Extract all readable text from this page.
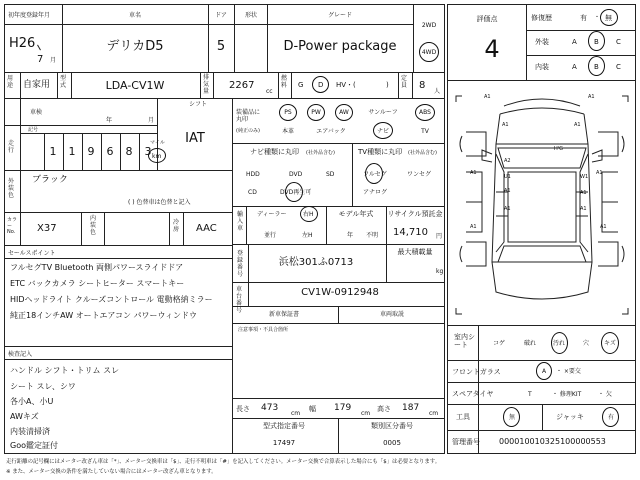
初年度登録年月
H26
7 月
車名
デリカD5
ドア
5
形状	グレード
D-Power package
2WD
4WD
用途 自家用
型式	LDA-CV1W
排気量
2267
cc
燃料 G D HV・(	)
定員 8
人
車検
年	月
走行
記号
1 1 9 6 8 3
マイル
km
シフト
IAT
外装色
ブラック
( ) 色替車は色替と記入
カラーNo. X37
内装色
冷房 AAC
セールスポイント
フルセグTV Bluetooth 両側パワースライドドア
ETC バックカメラ シートヒーター スマートキー
HIDヘッドライト クルーズコントロール 電動格納ミラー
純正18インチAW オートエアコン パワーウィンドウ
検査記入
ハンドル シフト・トリム スレ
シート スレ、シワ
各小A、小U
AWキズ
内装清掃済
Goo鑑定証付
装備品に丸印
(純正のみ)
PS	PW	AW	サンルーフ	ABS
本革	エアバック	ナビ	TV
ナビ種類に丸印 (社外品含む)
HDD	DVD	SD
CD	DVD再生可
TV種類に丸印 (社外品含む)
フルセグ	ワンセグ
アナログ
輸入車
ディーラー
並行
右H
左H
モデル年式
年 不明
リサイクル預託金
14,710 円
登録番号
浜松301ふ0713
最大積載量
kg
車台番号
CV1W-0912948
新車保証書	車両取説
注意事項・不具合箇所
長さ 473
cm
幅 179
cm
高さ 187
cm
型式指定番号
17497
類別区分番号
0005
評価点
4
修復歴	有 ・ 無
外装	A B C
内装	A B C
A1	A1
A1	A1
A2
A1
U1
A1
A1
A1
A1
W1
A1
A1
A1
H'G
室内シート	コゲ	破れ	汚れ	穴 キズ
フロントガラス	A ・ ×要交
スペアタイヤ	T	・ 修理KIT	・ 欠
工具	無	ジャッキ	有
管理番号 000010010325100000553
走行距離の記号欄にはメーター改ざん車は「*」、メーター交換車は「$」、走行不明車は「#」を記入してください。メーター交換で合算表示した場合にも「$」は必要となります。
※ また、メーター交換の条件を満たしていない場合にはメーター改ざん車となります。
